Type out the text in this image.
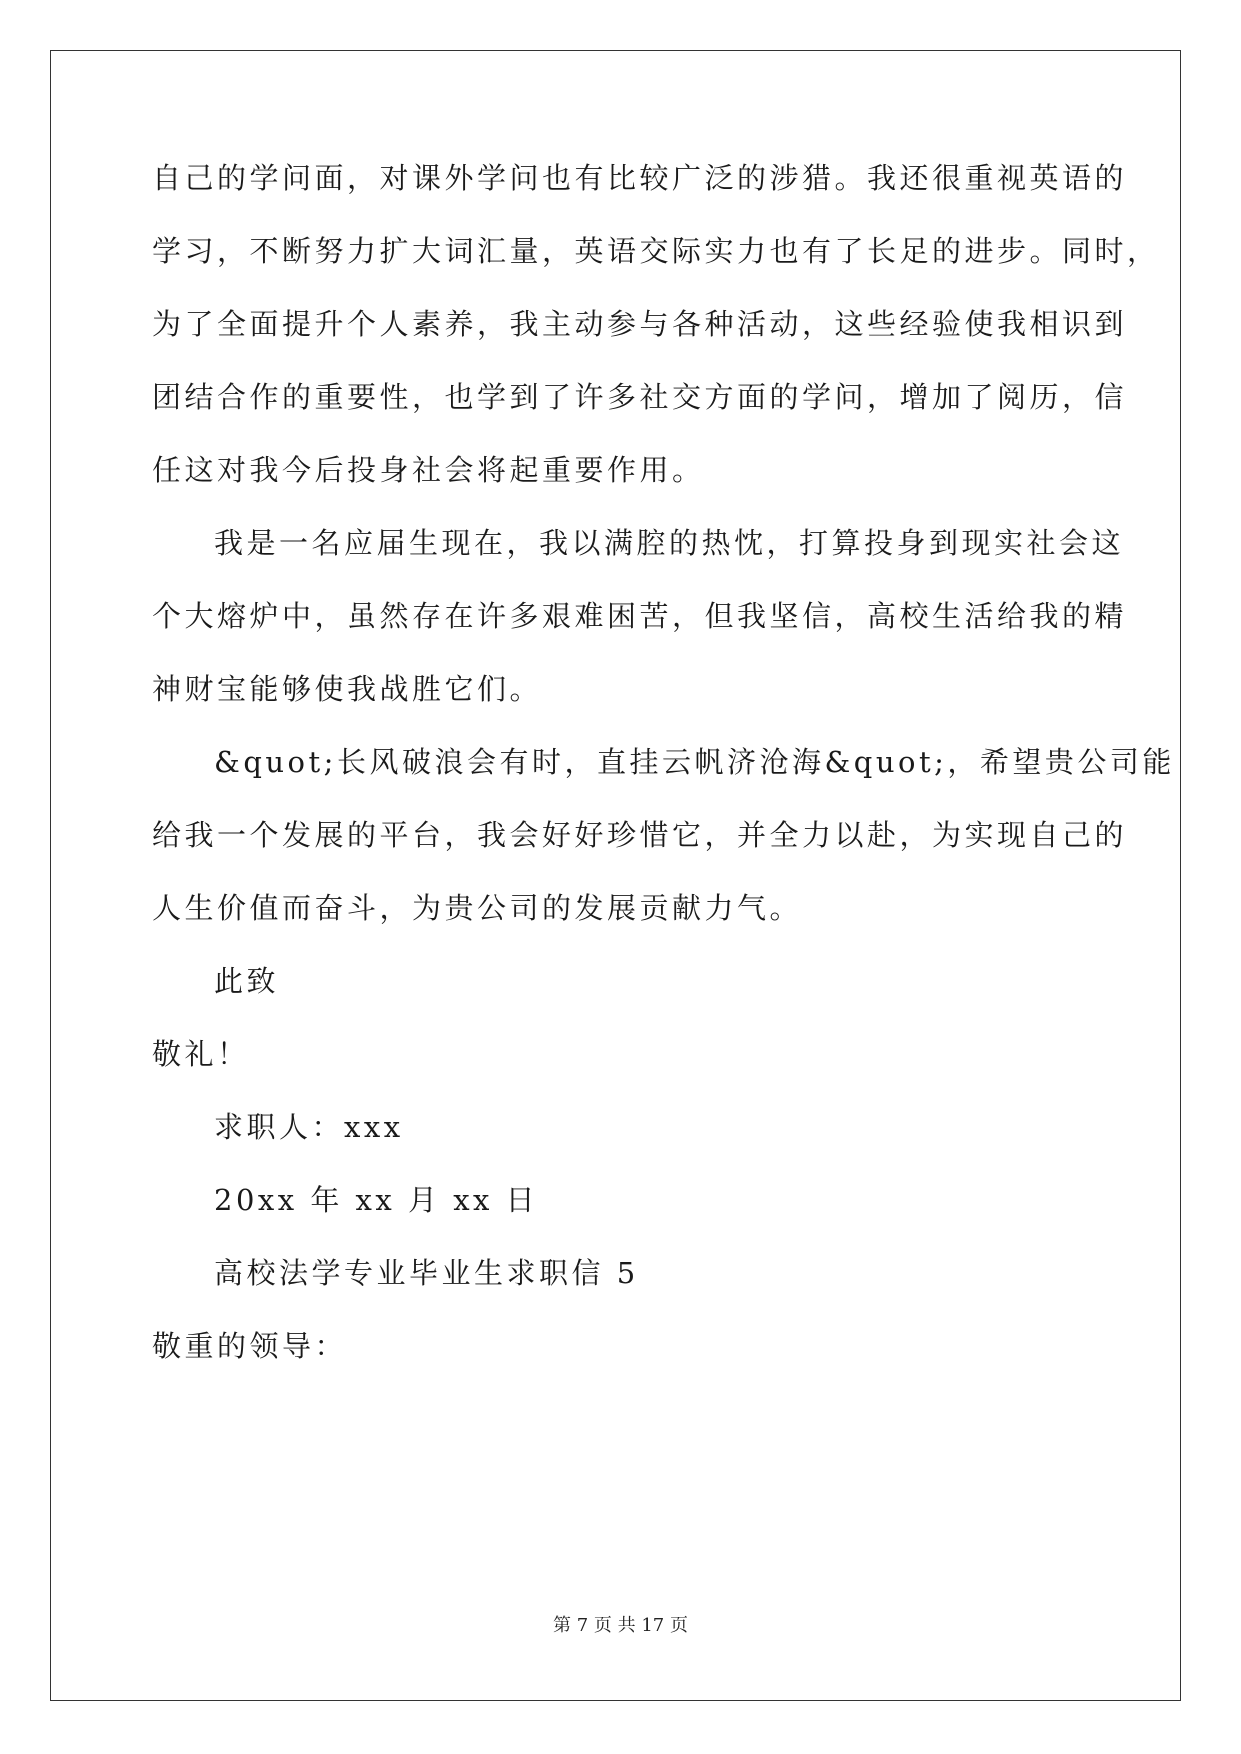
自己的学问面，对课外学问也有比较广泛的涉猎。我还很重视英语的
学习，不断努力扩大词汇量，英语交际实力也有了长足的进步。同时，
为了全面提升个人素养，我主动参与各种活动，这些经验使我相识到
团结合作的重要性，也学到了许多社交方面的学问，增加了阅历，信
任这对我今后投身社会将起重要作用。
我是一名应届生现在，我以满腔的热忱，打算投身到现实社会这
个大熔炉中，虽然存在许多艰难困苦，但我坚信，高校生活给我的精
神财宝能够使我战胜它们。
&quot;长风破浪会有时，直挂云帆济沧海&quot;，希望贵公司能
给我一个发展的平台，我会好好珍惜它，并全力以赴，为实现自己的
人生价值而奋斗，为贵公司的发展贡献力气。
此致
敬礼！
求职人：xxx
20xx 年 xx 月 xx 日
高校法学专业毕业生求职信 5
敬重的领导：
第 7 页 共 17 页
